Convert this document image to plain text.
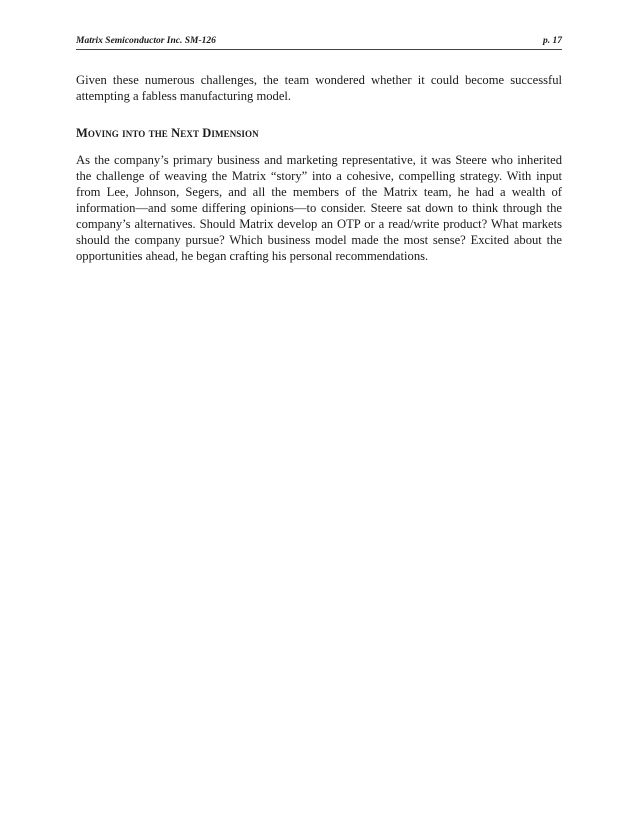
Matrix Semiconductor Inc. SM-126	p. 17

Given these numerous challenges, the team wondered whether it could become successful attempting a fabless manufacturing model.

Moving into the Next Dimension

As the company’s primary business and marketing representative, it was Steere who inherited the challenge of weaving the Matrix “story” into a cohesive, compelling strategy. With input from Lee, Johnson, Segers, and all the members of the Matrix team, he had a wealth of information—and some differing opinions—to consider. Steere sat down to think through the company’s alternatives. Should Matrix develop an OTP or a read/write product? What markets should the company pursue? Which business model made the most sense? Excited about the opportunities ahead, he began crafting his personal recommendations.
